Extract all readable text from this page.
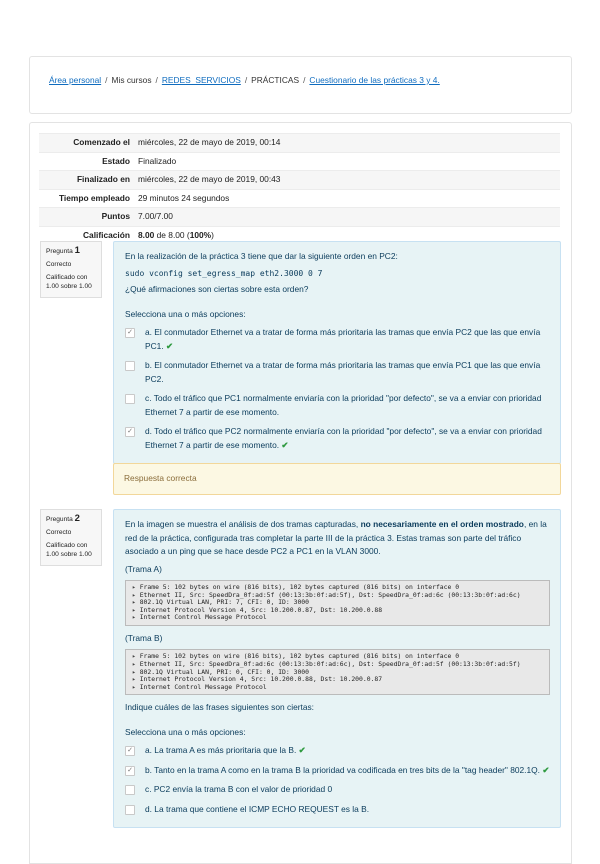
Área personal / Mis cursos / REDES_SERVICIOS / PRÁCTICAS / Cuestionario de las prácticas 3 y 4.
Comenzado el miércoles, 22 de mayo de 2019, 00:14
Estado Finalizado
Finalizado en miércoles, 22 de mayo de 2019, 00:43
Tiempo empleado 29 minutos 24 segundos
Puntos 7.00/7.00
Calificación 8.00 de 8.00 (100%)
Pregunta 1
Correcto
Calificado con 1.00 sobre 1.00
En la realización de la práctica 3 tiene que dar la siguiente orden en PC2:
sudo vconfig set_egress_map eth2.3000 0 7
¿Qué afirmaciones son ciertas sobre esta orden?
Selecciona una o más opciones:
✓ a. El conmutador Ethernet va a tratar de forma más prioritaria las tramas que envía PC2 que las que envía PC1. ✔
b. El conmutador Ethernet va a tratar de forma más prioritaria las tramas que envía PC1 que las que envía PC2.
c. Todo el tráfico que PC1 normalmente enviaría con la prioridad "por defecto", se va a enviar con prioridad Ethernet 7 a partir de ese momento.
✓ d. Todo el tráfico que PC2 normalmente enviaría con la prioridad "por defecto", se va a enviar con prioridad Ethernet 7 a partir de ese momento. ✔
Respuesta correcta
Pregunta 2
Correcto
Calificado con 1.00 sobre 1.00
En la imagen se muestra el análisis de dos tramas capturadas, no necesariamente en el orden mostrado, en la red de la práctica, configurada tras completar la parte III de la práctica 3. Estas tramas son parte del tráfico asociado a un ping que se hace desde PC2 a PC1 en la VLAN 3000.
(Trama A)
▸ Frame 5: 102 bytes on wire (816 bits), 102 bytes captured (816 bits) on interface 0
▸ Ethernet II, Src: SpeedDra_0f:ad:5f (00:13:3b:0f:ad:5f), Dst: SpeedDra_0f:ad:6c (00:13:3b:0f:ad:6c)
▸ 802.1Q Virtual LAN, PRI: 7, CFI: 0, ID: 3000
▸ Internet Protocol Version 4, Src: 10.200.0.87, Dst: 10.200.0.88
▸ Internet Control Message Protocol
(Trama B)
▸ Frame 5: 102 bytes on wire (816 bits), 102 bytes captured (816 bits) on interface 0
▸ Ethernet II, Src: SpeedDra_0f:ad:6c (00:13:3b:0f:ad:6c), Dst: SpeedDra_0f:ad:5f (00:13:3b:0f:ad:5f)
▸ 802.1Q Virtual LAN, PRI: 0, CFI: 0, ID: 3000
▸ Internet Protocol Version 4, Src: 10.200.0.88, Dst: 10.200.0.87
▸ Internet Control Message Protocol
Indique cuáles de las frases siguientes son ciertas:
Selecciona una o más opciones:
✓ a. La trama A es más prioritaria que la B. ✔
✓ b. Tanto en la trama A como en la trama B la prioridad va codificada en tres bits de la "tag header" 802.1Q. ✔
c. PC2 envía la trama B con el valor de prioridad 0
d. La trama que contiene el ICMP ECHO REQUEST es la B.
